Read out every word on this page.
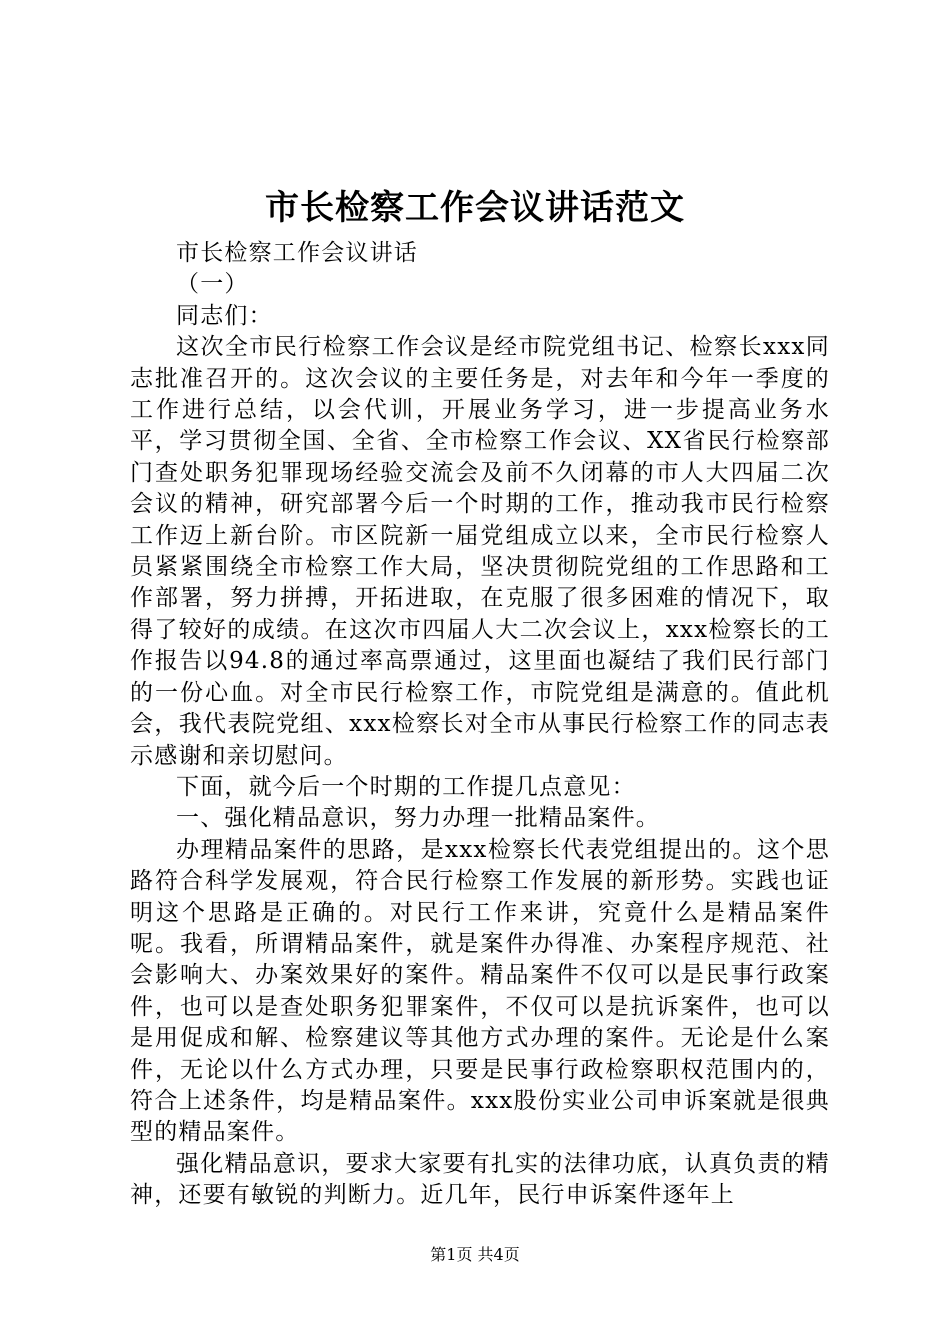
市长检察工作会议讲话范文

市长检察工作会议讲话

（一）

同志们：

这次全市民行检察工作会议是经市院党组书记、检察长xxx同志批准召开的。这次会议的主要任务是，对去年和今年一季度的工作进行总结，以会代训，开展业务学习，进一步提高业务水平，学习贯彻全国、全省、全市检察工作会议、XX省民行检察部门查处职务犯罪现场经验交流会及前不久闭幕的市人大四届二次会议的精神，研究部署今后一个时期的工作，推动我市民行检察工作迈上新台阶。市区院新一届党组成立以来，全市民行检察人员紧紧围绕全市检察工作大局，坚决贯彻院党组的工作思路和工作部署，努力拼搏，开拓进取，在克服了很多困难的情况下，取得了较好的成绩。在这次市四届人大二次会议上，xxx检察长的工作报告以94.8的通过率高票通过，这里面也凝结了我们民行部门的一份心血。对全市民行检察工作，市院党组是满意的。值此机会，我代表院党组、xxx检察长对全市从事民行检察工作的同志表示感谢和亲切慰问。

下面，就今后一个时期的工作提几点意见：

一、强化精品意识，努力办理一批精品案件。

办理精品案件的思路，是xxx检察长代表党组提出的。这个思路符合科学发展观，符合民行检察工作发展的新形势。实践也证明这个思路是正确的。对民行工作来讲，究竟什么是精品案件呢。我看，所谓精品案件，就是案件办得准、办案程序规范、社会影响大、办案效果好的案件。精品案件不仅可以是民事行政案件，也可以是查处职务犯罪案件，不仅可以是抗诉案件，也可以是用促成和解、检察建议等其他方式办理的案件。无论是什么案件，无论以什么方式办理，只要是民事行政检察职权范围内的，符合上述条件，均是精品案件。xxx股份实业公司申诉案就是很典型的精品案件。

强化精品意识，要求大家要有扎实的法律功底，认真负责的精神，还要有敏锐的判断力。近几年，民行申诉案件逐年上

第1页 共4页
